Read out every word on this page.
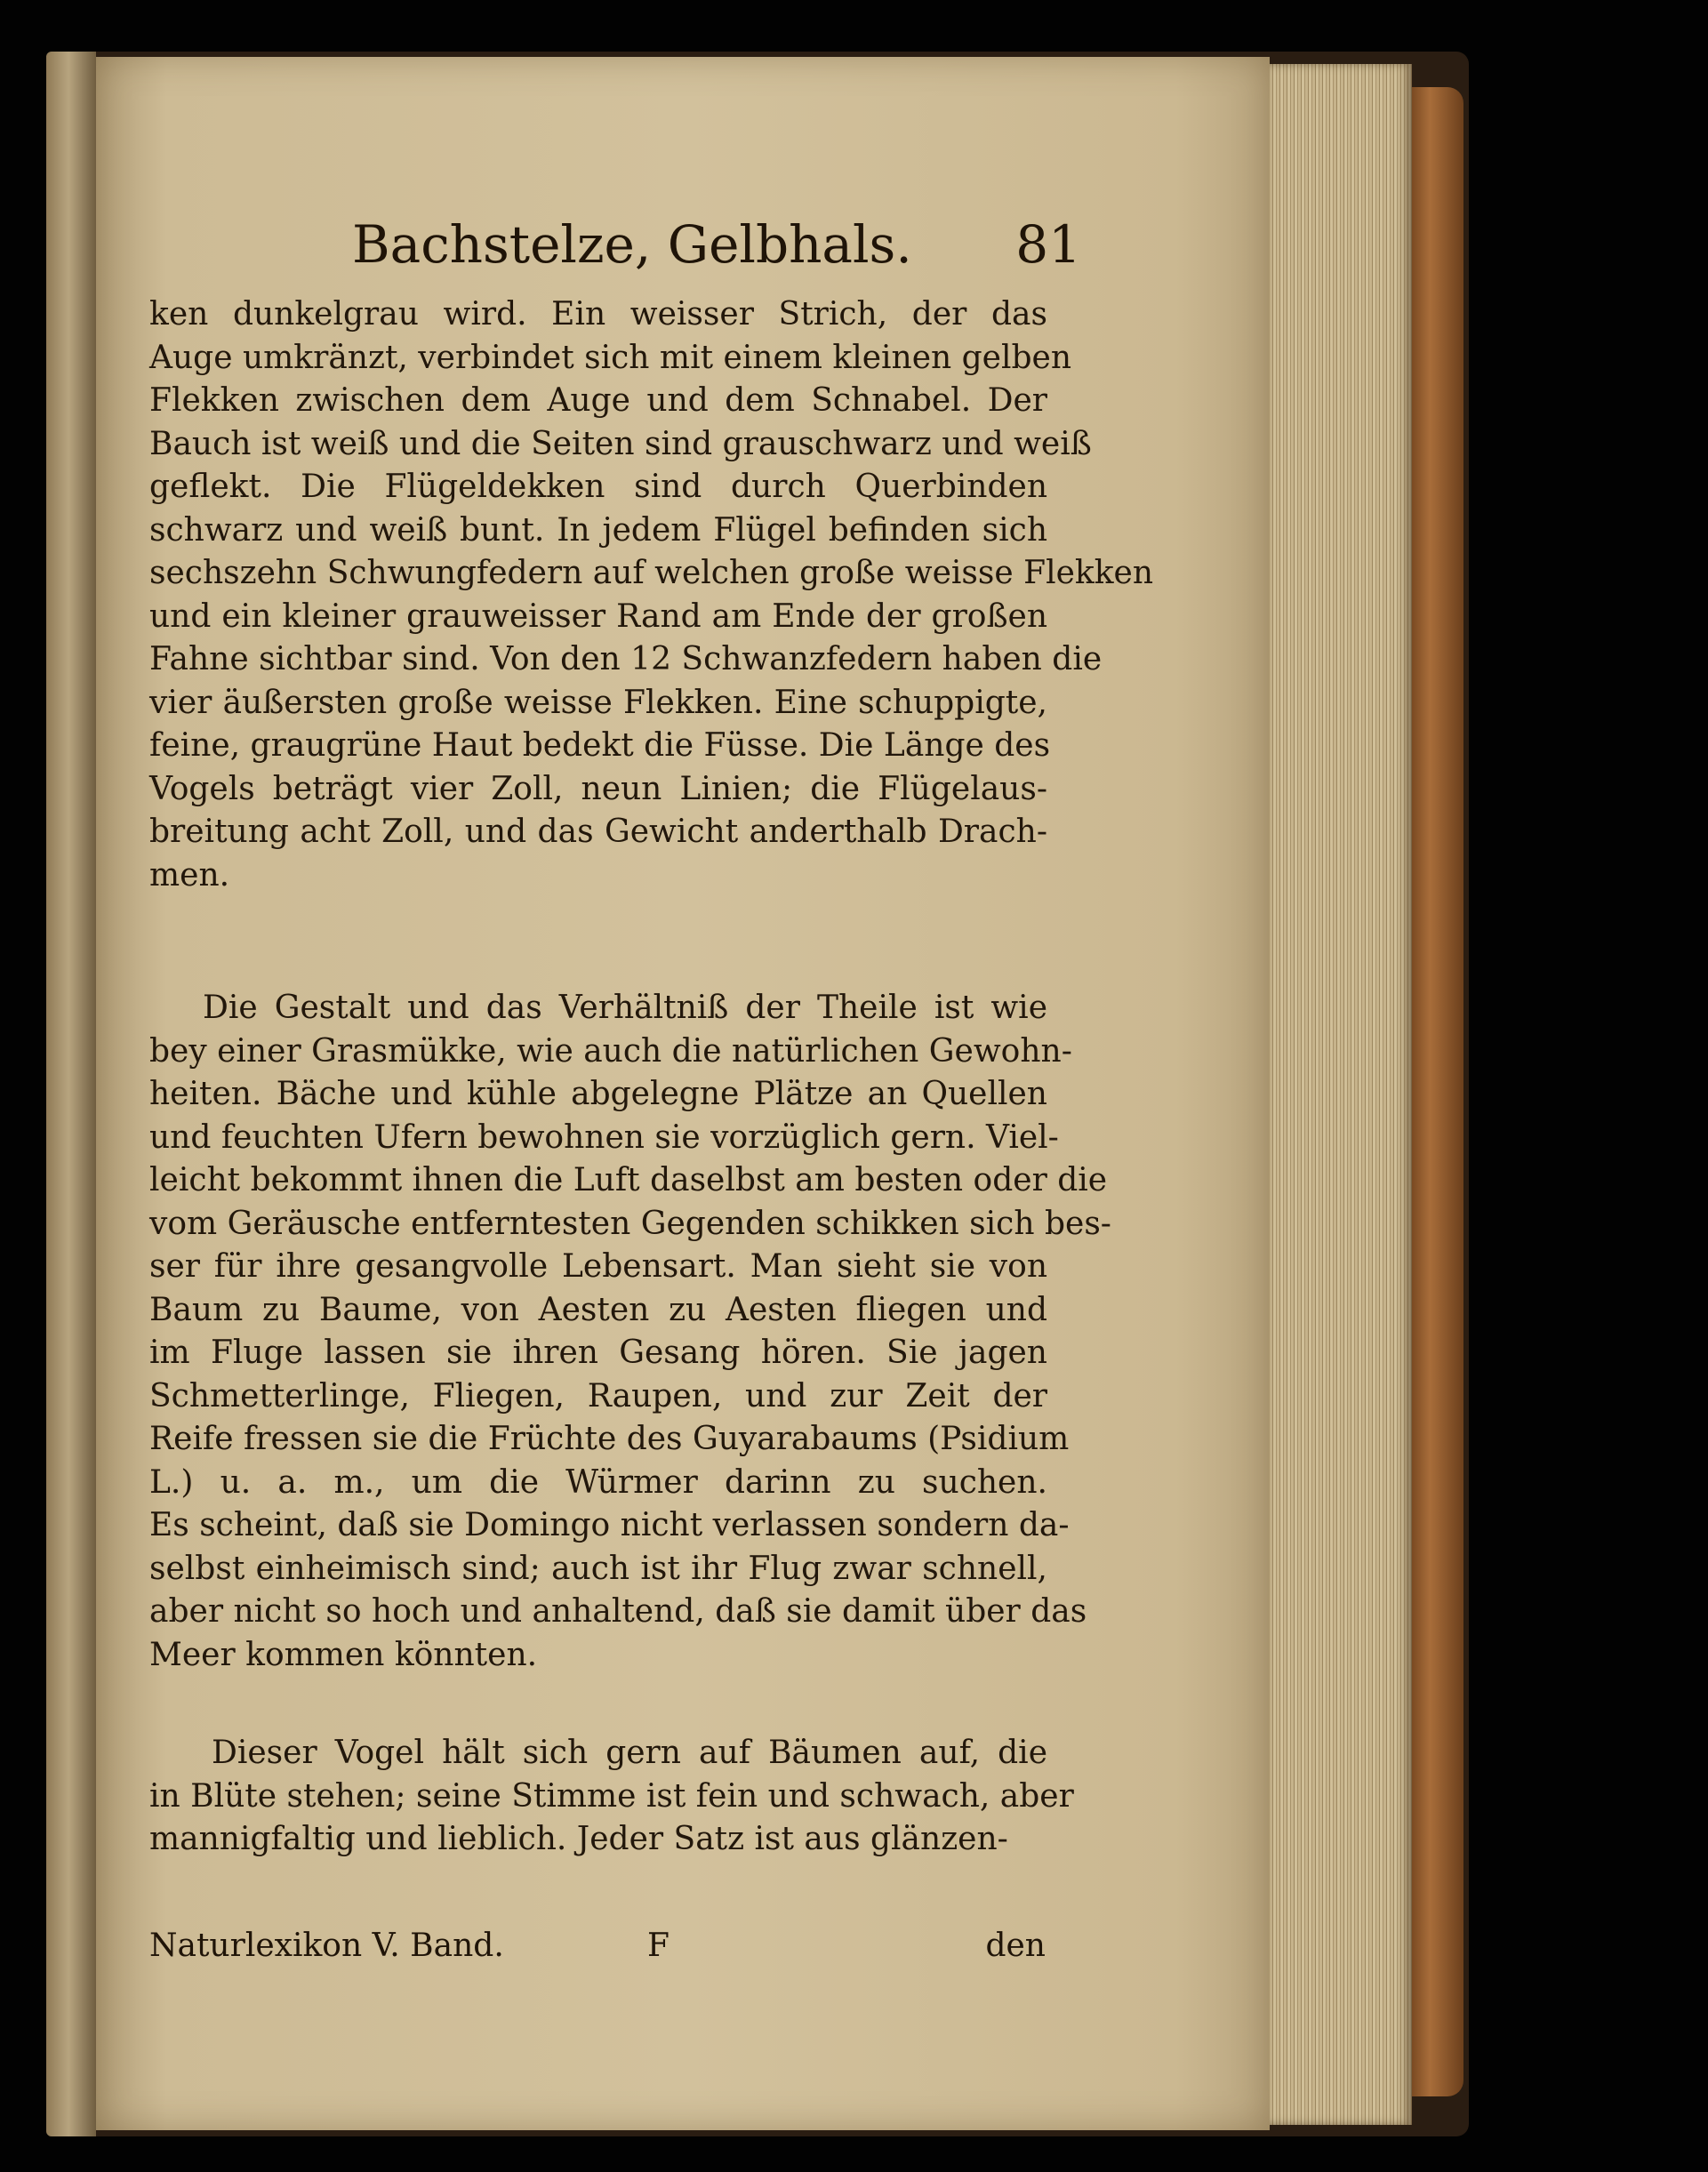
Bachstelze, Gelbhals. 81
ken dunkelgrau wird. Ein weisser Strich, der das
Auge umkränzt, verbindet sich mit einem kleinen gelben
Flekken zwischen dem Auge und dem Schnabel. Der
Bauch ist weiß und die Seiten sind grauschwarz und weiß
geflekt. Die Flügeldekken sind durch Querbinden
schwarz und weiß bunt. In jedem Flügel befinden sich
sechszehn Schwungfedern auf welchen große weisse Flekken
und ein kleiner grauweisser Rand am Ende der großen
Fahne sichtbar sind. Von den 12 Schwanzfedern haben die
vier äußersten große weisse Flekken. Eine schuppigte,
feine, graugrüne Haut bedekt die Füsse. Die Länge des
Vogels beträgt vier Zoll, neun Linien; die Flügelaus-
breitung acht Zoll, und das Gewicht anderthalb Drach-
men.
Die Gestalt und das Verhältniß der Theile ist wie
bey einer Grasmükke, wie auch die natürlichen Gewohn-
heiten. Bäche und kühle abgelegne Plätze an Quellen
und feuchten Ufern bewohnen sie vorzüglich gern. Viel-
leicht bekommt ihnen die Luft daselbst am besten oder die
vom Geräusche entferntesten Gegenden schikken sich bes-
ser für ihre gesangvolle Lebensart. Man sieht sie von
Baum zu Baume, von Aesten zu Aesten fliegen und
im Fluge lassen sie ihren Gesang hören. Sie jagen
Schmetterlinge, Fliegen, Raupen, und zur Zeit der
Reife fressen sie die Früchte des Guyarabaums (Psidium
L.) u. a. m., um die Würmer darinn zu suchen.
Es scheint, daß sie Domingo nicht verlassen sondern da-
selbst einheimisch sind; auch ist ihr Flug zwar schnell,
aber nicht so hoch und anhaltend, daß sie damit über das
Meer kommen könnten.
Dieser Vogel hält sich gern auf Bäumen auf, die
in Blüte stehen; seine Stimme ist fein und schwach, aber
mannigfaltig und lieblich. Jeder Satz ist aus glänzen-
Naturlexikon V. Band.	F	den
